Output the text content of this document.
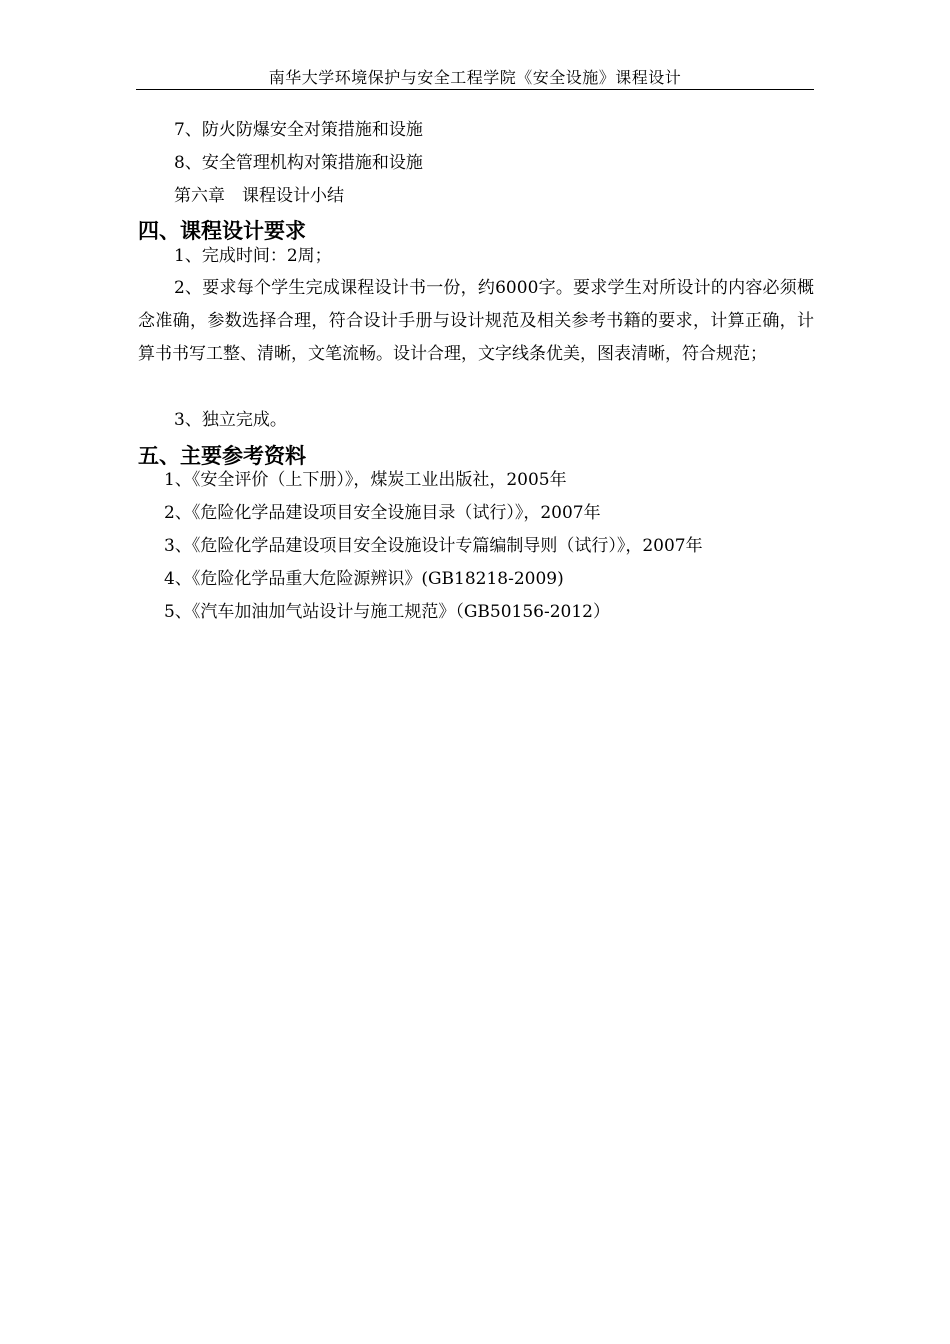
南华大学环境保护与安全工程学院《安全设施》课程设计
7、防火防爆安全对策措施和设施
8、安全管理机构对策措施和设施
第六章　课程设计小结
四、课程设计要求
1、完成时间：2周；
2、要求每个学生完成课程设计书一份，约6000字。要求学生对所设计的内容必须概念准确，参数选择合理，符合设计手册与设计规范及相关参考书籍的要求，计算正确，计算书书写工整、清晰，文笔流畅。设计合理，文字线条优美，图表清晰，符合规范；
3、独立完成。
五、主要参考资料
1、《安全评价（上下册）》，煤炭工业出版社，2005年
2、《危险化学品建设项目安全设施目录（试行）》，2007年
3、《危险化学品建设项目安全设施设计专篇编制导则（试行）》，2007年
4、《危险化学品重大危险源辨识》(GB18218-2009)
5、《汽车加油加气站设计与施工规范》（GB50156-2012）
